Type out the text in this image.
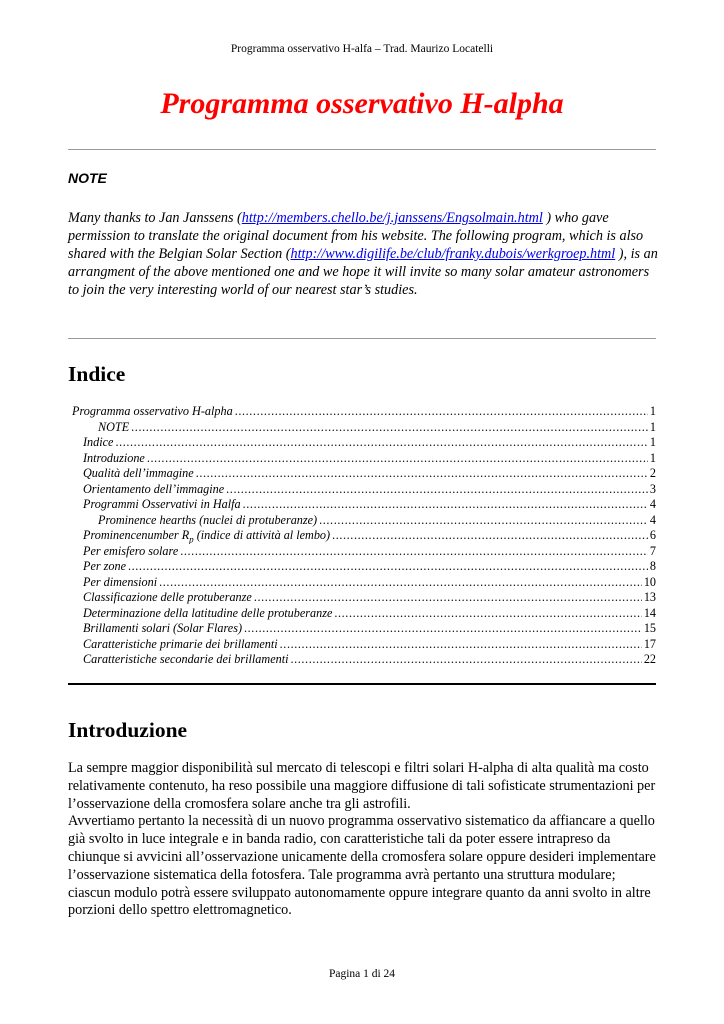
Programma osservativo H-alfa – Trad. Maurizo Locatelli
Programma osservativo H-alpha
NOTE

Many thanks to Jan Janssens (http://members.chello.be/j.janssens/Engsolmain.html ) who gave permission to translate the original document from his website. The following program, which is also shared with the Belgian Solar Section (http://www.digilife.be/club/franky.dubois/werkgroep.html ), is an arrangment of the above mentioned one and we hope it will invite so many solar amateur astronomers to join the very interesting world of our nearest star’s studies.

Indice
Programma osservativo H-alpha .....	1
NOTE .....	1
Indice .....	1
Introduzione .....	1
Qualità dell’immagine .....	2
Orientamento dell’immagine .....	3
Programmi Osservativi in Halfa .....	4
Prominence hearths (nuclei di protuberanze) .....	4
Prominencenumber $R_p$ (indice di attività al lembo) .....	6
Per emisfero solare .....	7
Per zone .....	8
Per dimensioni .....	10
Classificazione delle protuberanze .....	13
Determinazione della latitudine delle protuberanze .....	14
Brillamenti solari (Solar Flares) .....	15
Caratteristiche primarie dei brillamenti .....	17
Caratteristiche secondarie dei brillamenti .....	22
Introduzione

La sempre maggior disponibilità sul mercato di telescopi e filtri solari H-alpha di alta qualità ma costo relativamente contenuto, ha reso possibile una maggiore diffusione di tali sofisticate strumentazioni per l’osservazione della cromosfera solare anche tra gli astrofili.

Avvertiamo pertanto la necessità di un nuovo programma osservativo sistematico da affiancare a quello già svolto in luce integrale e in banda radio, con caratteristiche tali da poter essere intrapreso da chiunque si avvicini all’osservazione unicamente della cromosfera solare oppure desideri implementare l’osservazione sistematica della fotosfera. Tale programma avrà pertanto una struttura modulare; ciascun modulo potrà essere sviluppato autonomamente oppure integrare quanto da anni svolto in altre porzioni dello spettro elettromagnetico.

Pagina 1 di 24
